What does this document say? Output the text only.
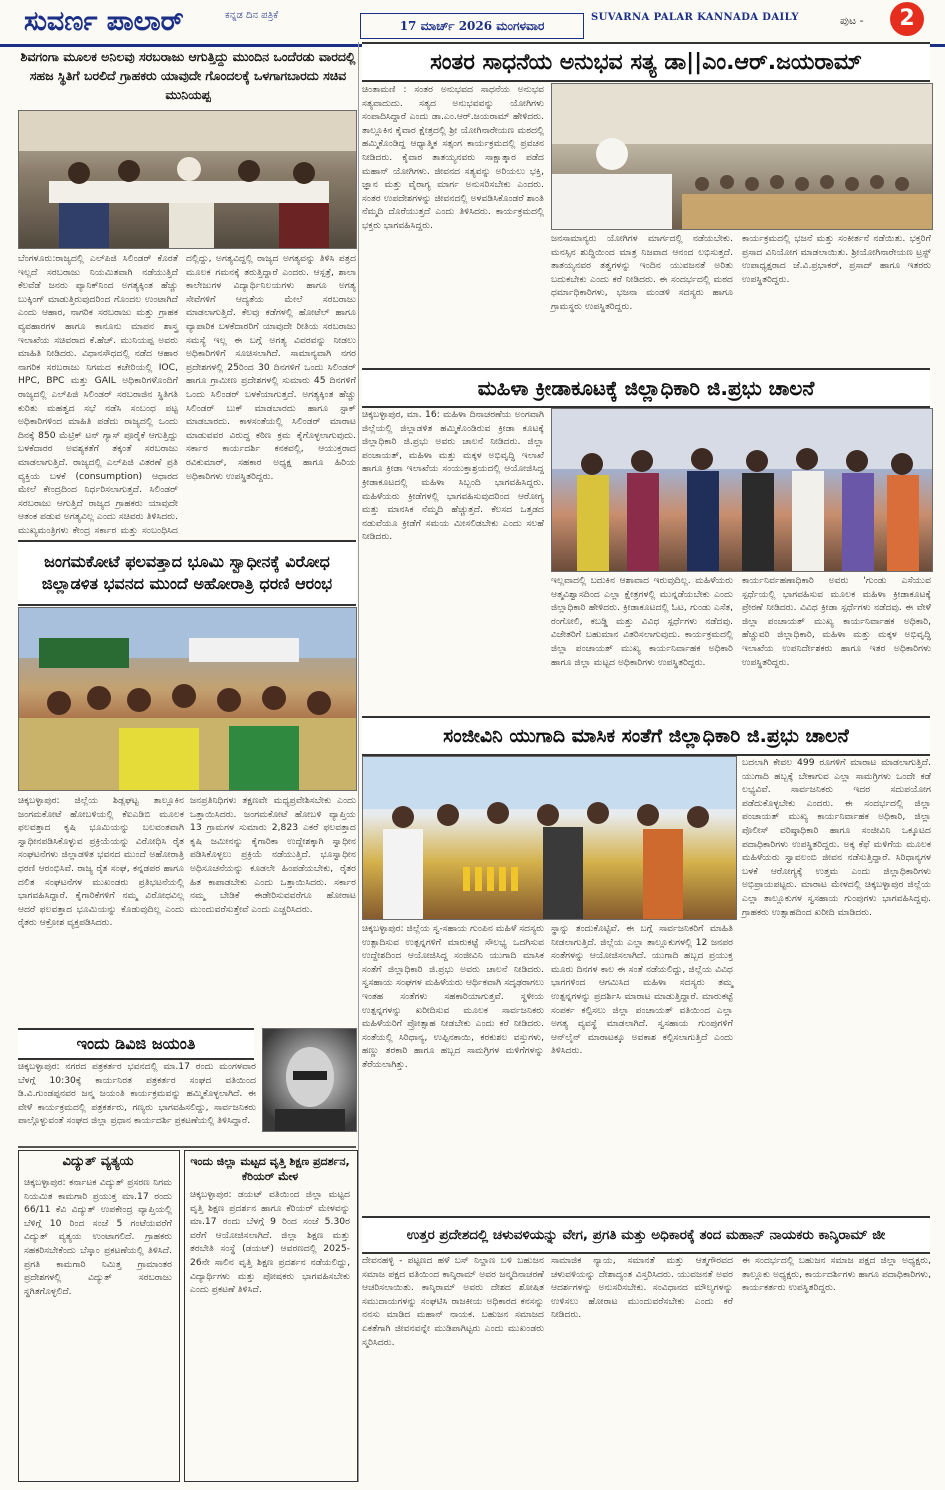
ಸುವರ್ಣ ಪಾಲಾರ್	ಕನ್ನಡ ದಿನ ಪತ್ರಿಕೆ
17 ಮಾರ್ಚ್ 2026 ಮಂಗಳವಾರ
SUVARNA PALAR KANNADA DAILY	ಪುಟ -	2
ಶಿವಗಂಗಾ ಮೂಲಕ ಅನಿಲವು ಸರಬರಾಜು ಆಗುತ್ತಿದ್ದು ಮುಂದಿನ ಒಂದೆರಡು ವಾರದಲ್ಲಿ ಸಹಜ ಸ್ಥಿತಿಗೆ ಬರಲಿದೆ ಗ್ರಾಹಕರು ಯಾವುದೇ ಗೊಂದಲಕ್ಕೆ ಒಳಗಾಗಬಾರದು ಸಚಿವ ಮುನಿಯಪ್ಪ
ಬೆಂಗಳೂರು:ರಾಜ್ಯದಲ್ಲಿ ಎಲ್‌ಪಿಜಿ ಸಿಲಿಂಡರ್ ಕೊರತೆ ಇಲ್ಲದೆ ಸರಬರಾಜು ನಿಯಮಿತವಾಗಿ ನಡೆಯುತ್ತಿದೆ ಕೆಲವೆಡೆ ಜನರು ಪ್ಯಾನಿಕ್‌ನಿಂದ ಅಗತ್ಯಕ್ಕಿಂತ ಹೆಚ್ಚು ಬುಕ್ಕಿಂಗ್ ಮಾಡುತ್ತಿರುವುದರಿಂದ ಗೊಂದಲ ಉಂಟಾಗಿದೆ ಎಂದು ಆಹಾರ, ನಾಗರಿಕ ಸರಬರಾಜು ಮತ್ತು ಗ್ರಾಹಕ ವ್ಯವಹಾರಗಳ ಹಾಗೂ ಕಾನೂನು ಮಾಪನ ಶಾಸ್ತ್ರ ಇಲಾಖೆಯ ಸಚಿವರಾದ ಕೆ.ಹೆಚ್. ಮುನಿಯಪ್ಪ ಅವರು ಮಾಹಿತಿ ನೀಡಿದರು. ವಿಧಾನಸೌಧದಲ್ಲಿ ನಡೆದ ಆಹಾರ ನಾಗರಿಕ ಸರಬರಾಜು ನಿಗಮದ ಕಚೇರಿಯಲ್ಲಿ IOC, HPC, BPC ಮತ್ತು GAIL ಅಧಿಕಾರಿಗಳೊಂದಿಗೆ ರಾಜ್ಯದಲ್ಲಿ ಎಲ್‌ಪಿಜಿ ಸಿಲಿಂಡರ್ ಸರಬರಾಜಿನ ಸ್ಥಿತಿಗತಿ ಕುರಿತು ಮಹತ್ವದ ಸಭೆ ನಡೆಸಿ ಸಂಬಂಧ ಪಟ್ಟ ಅಧಿಕಾರಿಗಳಿಂದ ಮಾಹಿತಿ ಪಡೆದು ರಾಜ್ಯದಲ್ಲಿ ಒಂದು ದಿನಕ್ಕೆ 850 ಮೆಟ್ರಿಕ್ ಟನ್ ಗ್ಯಾಸ್ ಪೂರೈಕೆ ಆಗುತ್ತಿದ್ದು ಬಳಕೆದಾರರ ಅವಶ್ಯಕತೆಗೆ ತಕ್ಕಂತೆ ಸರಬರಾಜು ಮಾಡಲಾಗುತ್ತಿದೆ. ರಾಜ್ಯದಲ್ಲಿ ಎಲ್‌ಪಿಜಿ ವಿತರಣೆ ಪ್ರತಿ ವ್ಯಕ್ತಿಯ ಬಳಕೆ (consumption) ಆಧಾರದ ಮೇಲೆ ಕೇಂದ್ರದಿಂದ ನಿರ್ಧರಿಸಲಾಗುತ್ತದೆ. ಸಿಲಿಂಡರ್ ಸರಬರಾಜು ಆಗುತ್ತಿದೆ ರಾಜ್ಯದ ಗ್ರಾಹಕರು ಯಾವುದೇ ಆತಂಕ ಪಡುವ ಅಗತ್ಯವಿಲ್ಲ ಎಂದು ಸಚಿವರು ತಿಳಿಸಿದರು. ಮುಖ್ಯಮಂತ್ರಿಗಳು ಕೇಂದ್ರ ಸರ್ಕಾರ ಮತ್ತು ಸಂಬಂಧಿಸಿದ
ದಲ್ಲಿದ್ದು, ಅಗತ್ಯವಿದ್ದಲ್ಲಿ ರಾಜ್ಯದ ಅಗತ್ಯವನ್ನು ತಿಳಿಸಿ ಪತ್ರದ ಮೂಲಕ ಗಮನಕ್ಕೆ ತರುತ್ತಿದ್ದಾರೆ ಎಂದರು. ಆಸ್ಪತ್ರೆ, ಶಾಲಾ ಕಾಲೇಜುಗಳ ವಿದ್ಯಾರ್ಥಿನಿಲಯಗಳು ಹಾಗೂ ಅಗತ್ಯ ಸೇವೆಗಳಿಗೆ ಆದ್ಯತೆಯ ಮೇಲೆ ಸರಬರಾಜು ಮಾಡಲಾಗುತ್ತಿದೆ. ಕೆಲವು ಕಡೆಗಳಲ್ಲಿ ಹೋಟೆಲ್ ಹಾಗೂ ವ್ಯಾಪಾರಿಕ ಬಳಕೆದಾರರಿಗೆ ಯಾವುದೇ ರೀತಿಯ ಸರಬರಾಜು ಸಮಸ್ಯೆ ಇಲ್ಲ ಈ ಬಗ್ಗೆ ಅಗತ್ಯ ವಿವರವನ್ನು ನೀಡಲು ಅಧಿಕಾರಿಗಳಿಗೆ ಸೂಚಿಸಲಾಗಿದೆ. ಸಾಮಾನ್ಯವಾಗಿ ನಗರ ಪ್ರದೇಶಗಳಲ್ಲಿ 25ರಿಂದ 30 ದಿನಗಳಿಗೆ ಒಂದು ಸಿಲಿಂಡರ್ ಹಾಗೂ ಗ್ರಾಮೀಣ ಪ್ರದೇಶಗಳಲ್ಲಿ ಸುಮಾರು 45 ದಿನಗಳಿಗೆ ಒಂದು ಸಿಲಿಂಡರ್ ಬಳಕೆಯಾಗುತ್ತದೆ. ಅಗತ್ಯಕ್ಕಿಂತ ಹೆಚ್ಚು ಸಿಲಿಂಡರ್ ಬುಕ್ ಮಾಡಬಾರದು ಹಾಗೂ ಸ್ಟಾಕ್ ಮಾಡಬಾರದು. ಕಾಳಸಂತೆಯಲ್ಲಿ ಸಿಲಿಂಡರ್ ಮಾರಾಟ ಮಾಡುವವರ ವಿರುದ್ಧ ಕಠಿಣ ಕ್ರಮ ಕೈಗೊಳ್ಳಲಾಗುವುದು. ಸರ್ಕಾರ ಕಾರ್ಯದರ್ಶಿ ಕನಕವಲ್ಲಿ, ಆಯುಕ್ತರಾದ ರವಿಕುಮಾರ್, ಸಹಕಾರ ಅಧ್ಯಕ್ಷ ಹಾಗೂ ಹಿರಿಯ ಅಧಿಕಾರಿಗಳು ಉಪಸ್ಥಿತರಿದ್ದರು.
ಜಂಗಮಕೋಟೆ ಫಲವತ್ತಾದ ಭೂಮಿ ಸ್ವಾಧೀನಕ್ಕೆ ವಿರೋಧ ಜಿಲ್ಲಾಡಳಿತ ಭವನದ ಮುಂದೆ ಅಹೋರಾತ್ರಿ ಧರಣಿ ಆರಂಭ
ಚಿಕ್ಕಬಳ್ಳಾಪುರ: ಜಿಲ್ಲೆಯ ಶಿಡ್ಲಘಟ್ಟ ತಾಲ್ಲೂಕಿನ ಜಂಗಮಕೋಟೆ ಹೋಬಳಿಯಲ್ಲಿ ಕೆಐಎಡಿಬಿ ಮೂಲಕ ಫಲವತ್ತಾದ ಕೃಷಿ ಭೂಮಿಯನ್ನು ಬಲವಂತವಾಗಿ ಸ್ವಾಧೀನಪಡಿಸಿಕೊಳ್ಳುವ ಪ್ರಕ್ರಿಯೆಯನ್ನು ವಿರೋಧಿಸಿ ರೈತ ಸಂಘಟನೆಗಳು ಜಿಲ್ಲಾಡಳಿತ ಭವನದ ಮುಂದೆ ಅಹೋರಾತ್ರಿ ಧರಣಿ ಆರಂಭಿಸಿವೆ. ರಾಜ್ಯ ರೈತ ಸಂಘ, ಕನ್ನಡಪರ ಹಾಗೂ ದಲಿತ ಸಂಘಟನೆಗಳ ಮುಖಂಡರು ಪ್ರತಿಭಟನೆಯಲ್ಲಿ ಭಾಗವಹಿಸಿದ್ದಾರೆ. ಕೈಗಾರಿಕೆಗಳಿಗೆ ನಮ್ಮ ವಿರೋಧವಿಲ್ಲ ಆದರೆ ಫಲವತ್ತಾದ ಭೂಮಿಯನ್ನು ಕೊಡುವುದಿಲ್ಲ ಎಂದು ರೈತರು ಆಕ್ರೋಶ ವ್ಯಕ್ತಪಡಿಸಿದರು.
ಜನಪ್ರತಿನಿಧಿಗಳು ತಕ್ಷಣವೇ ಮಧ್ಯಪ್ರವೇಶಿಸಬೇಕು ಎಂದು ಒತ್ತಾಯಿಸಿದರು. ಜಂಗಮಕೋಟೆ ಹೋಬಳಿ ವ್ಯಾಪ್ತಿಯ 13 ಗ್ರಾಮಗಳ ಸುಮಾರು 2,823 ಎಕರೆ ಫಲವತ್ತಾದ ಕೃಷಿ ಜಮೀನನ್ನು ಕೈಗಾರಿಕಾ ಉದ್ದೇಶಕ್ಕಾಗಿ ಸ್ವಾಧೀನ ಪಡಿಸಿಕೊಳ್ಳಲು ಪ್ರಕ್ರಿಯೆ ನಡೆಯುತ್ತಿದೆ. ಭೂಸ್ವಾಧೀನ ಅಧಿಸೂಚನೆಯನ್ನು ಕೂಡಲೇ ಹಿಂಪಡೆಯಬೇಕು, ರೈತರ ಹಿತ ಕಾಪಾಡಬೇಕು ಎಂದು ಒತ್ತಾಯಿಸಿದರು. ಸರ್ಕಾರ ನಮ್ಮ ಬೇಡಿಕೆ ಈಡೇರಿಸುವವರೆಗೂ ಹೋರಾಟ ಮುಂದುವರೆಸುತ್ತೇವೆ ಎಂದು ಎಚ್ಚರಿಸಿದರು.
ಇಂದು ಡಿವಿಜಿ ಜಯಂತಿ
ಚಿಕ್ಕಬಳ್ಳಾಪುರ: ನಗರದ ಪತ್ರಕರ್ತರ ಭವನದಲ್ಲಿ ಮಾ.17 ರಂದು ಮಂಗಳವಾರ ಬೆಳಗ್ಗೆ 10:30ಕ್ಕೆ ಕಾರ್ಯನಿರತ ಪತ್ರಕರ್ತರ ಸಂಘದ ವತಿಯಿಂದ ಡಿ.ವಿ.ಗುಂಡಪ್ಪನವರ ಜನ್ಮ ಜಯಂತಿ ಕಾರ್ಯಕ್ರಮವನ್ನು ಹಮ್ಮಿಕೊಳ್ಳಲಾಗಿದೆ. ಈ ವೇಳೆ ಕಾರ್ಯಕ್ರಮದಲ್ಲಿ ಪತ್ರಕರ್ತರು, ಗಣ್ಯರು ಭಾಗವಹಿಸಲಿದ್ದು, ಸಾರ್ವಜನಿಕರು ಪಾಲ್ಗೊಳ್ಳುವಂತೆ ಸಂಘದ ಜಿಲ್ಲಾ ಪ್ರಧಾನ ಕಾರ್ಯದರ್ಶಿ ಪ್ರಕಟಣೆಯಲ್ಲಿ ತಿಳಿಸಿದ್ದಾರೆ.
ವಿದ್ಯುತ್ ವ್ಯತ್ಯಯ
ಚಿಕ್ಕಬಳ್ಳಾಪುರ: ಕರ್ನಾಟಕ ವಿದ್ಯುತ್ ಪ್ರಸರಣ ನಿಗಮ ನಿಯಮಿತ ಕಾಮಗಾರಿ ಪ್ರಯುಕ್ತ ಮಾ.17 ರಂದು 66/11 ಕೆವಿ ವಿದ್ಯುತ್ ಉಪಕೇಂದ್ರ ವ್ಯಾಪ್ತಿಯಲ್ಲಿ ಬೆಳಿಗ್ಗೆ 10 ರಿಂದ ಸಂಜೆ 5 ಗಂಟೆಯವರೆಗೆ ವಿದ್ಯುತ್ ವ್ಯತ್ಯಯ ಉಂಟಾಗಲಿದೆ. ಗ್ರಾಹಕರು ಸಹಕರಿಸಬೇಕೆಂದು ಬೆಸ್ಕಾಂ ಪ್ರಕಟಣೆಯಲ್ಲಿ ತಿಳಿಸಿದೆ. ಪ್ರಗತಿ ಕಾಮಗಾರಿ ನಿಮಿತ್ತ ಗ್ರಾಮಾಂತರ ಪ್ರದೇಶಗಳಲ್ಲಿ ವಿದ್ಯುತ್ ಸರಬರಾಜು ಸ್ಥಗಿತಗೊಳ್ಳಲಿದೆ.
ಇಂದು ಜಿಲ್ಲಾ ಮಟ್ಟದ ವೃತ್ತಿ ಶಿಕ್ಷಣ ಪ್ರದರ್ಶನ, ಕೆರಿಯರ್ ಮೇಳ
ಚಿಕ್ಕಬಳ್ಳಾಪುರ: ಡಯಟ್ ವತಿಯಿಂದ ಜಿಲ್ಲಾ ಮಟ್ಟದ ವೃತ್ತಿ ಶಿಕ್ಷಣ ಪ್ರದರ್ಶನ ಹಾಗೂ ಕೆರಿಯರ್ ಮೇಳವನ್ನು ಮಾ.17 ರಂದು ಬೆಳಗ್ಗೆ 9 ರಿಂದ ಸಂಜೆ 5.30ರ ವರೆಗೆ ಆಯೋಜಿಸಲಾಗಿದೆ. ಜಿಲ್ಲಾ ಶಿಕ್ಷಣ ಮತ್ತು ತರಬೇತಿ ಸಂಸ್ಥೆ (ಡಯಟ್) ಆವರಣದಲ್ಲಿ 2025-26ನೇ ಸಾಲಿನ ವೃತ್ತಿ ಶಿಕ್ಷಣ ಪ್ರದರ್ಶನ ನಡೆಯಲಿದ್ದು, ವಿದ್ಯಾರ್ಥಿಗಳು ಮತ್ತು ಪೋಷಕರು ಭಾಗವಹಿಸಬೇಕು ಎಂದು ಪ್ರಕಟಣೆ ತಿಳಿಸಿದೆ.
ಸಂತರ ಸಾಧನೆಯ ಅನುಭವ ಸತ್ಯ ಡಾ||ಎಂ.ಆರ್.ಜಯರಾಮ್
ಚಿಂತಾಮಣಿ : ಸಂತರ ಅನುಭವದ ಸಾಧನೆಯ ಅನುಭವ ಸತ್ಯವಾದುದು. ಸತ್ಯದ ಅನುಭವವನ್ನು ಯೋಗಿಗಳು ಸಂಪಾದಿಸಿದ್ದಾರೆ ಎಂದು ಡಾ.ಎಂ.ಆರ್.ಜಯರಾಮ್ ಹೇಳಿದರು. ತಾಲ್ಲೂಕಿನ ಕೈವಾರ ಕ್ಷೇತ್ರದಲ್ಲಿ ಶ್ರೀ ಯೋಗಿನಾರೇಯಣ ಮಠದಲ್ಲಿ ಹಮ್ಮಿಕೊಂಡಿದ್ದ ಆಧ್ಯಾತ್ಮಿಕ ಸತ್ಸಂಗ ಕಾರ್ಯಕ್ರಮದಲ್ಲಿ ಪ್ರವಚನ ನೀಡಿದರು. ಕೈವಾರ ತಾತಯ್ಯನವರು ಸಾಕ್ಷಾತ್ಕಾರ ಪಡೆದ ಮಹಾನ್ ಯೋಗಿಗಳು. ಜೀವನದ ಸತ್ಯವನ್ನು ಅರಿಯಲು ಭಕ್ತಿ, ಜ್ಞಾನ ಮತ್ತು ವೈರಾಗ್ಯ ಮಾರ್ಗ ಅನುಸರಿಸಬೇಕು ಎಂದರು. ಸಂತರ ಉಪದೇಶಗಳನ್ನು ಜೀವನದಲ್ಲಿ ಅಳವಡಿಸಿಕೊಂಡರೆ ಶಾಂತಿ ನೆಮ್ಮದಿ ದೊರೆಯುತ್ತದೆ ಎಂದು ತಿಳಿಸಿದರು. ಕಾರ್ಯಕ್ರಮದಲ್ಲಿ ಭಕ್ತರು ಭಾಗವಹಿಸಿದ್ದರು.
ಜನಸಾಮಾನ್ಯರು ಯೋಗಿಗಳ ಮಾರ್ಗದಲ್ಲಿ ನಡೆಯಬೇಕು. ಮನಸ್ಸಿನ ಶುದ್ಧಿಯಿಂದ ಮಾತ್ರ ನಿಜವಾದ ಆನಂದ ಲಭಿಸುತ್ತದೆ. ತಾತಯ್ಯನವರ ತತ್ವಗಳನ್ನು ಇಂದಿನ ಯುವಜನತೆ ಅರಿತು ಬದುಕಬೇಕು ಎಂದು ಕರೆ ನೀಡಿದರು. ಈ ಸಂದರ್ಭದಲ್ಲಿ ಮಠದ ಧರ್ಮಾಧಿಕಾರಿಗಳು, ಭಜನಾ ಮಂಡಳಿ ಸದಸ್ಯರು ಹಾಗೂ ಗ್ರಾಮಸ್ಥರು ಉಪಸ್ಥಿತರಿದ್ದರು.
ಕಾರ್ಯಕ್ರಮದಲ್ಲಿ ಭಜನೆ ಮತ್ತು ಸಂಕೀರ್ತನೆ ನಡೆಯಿತು. ಭಕ್ತರಿಗೆ ಪ್ರಸಾದ ವಿನಿಯೋಗ ಮಾಡಲಾಯಿತು. ಶ್ರೀಯೋಗಿನಾರೇಯಣ ಟ್ರಸ್ಟ್ ಉಪಾಧ್ಯಕ್ಷರಾದ ಜೆ.ವಿ.ಪ್ರಭಾಕರ್, ಪ್ರಸಾದ್ ಹಾಗೂ ಇತರರು ಉಪಸ್ಥಿತರಿದ್ದರು.
ಮಹಿಳಾ ಕ್ರೀಡಾಕೂಟಕ್ಕೆ ಜಿಲ್ಲಾಧಿಕಾರಿ ಜಿ.ಪ್ರಭು ಚಾಲನೆ
ಚಿಕ್ಕಬಳ್ಳಾಪುರ, ಮಾ. 16: ಮಹಿಳಾ ದಿನಾಚರಣೆಯ ಅಂಗವಾಗಿ ಜಿಲ್ಲೆಯಲ್ಲಿ ಜಿಲ್ಲಾಡಳಿತ ಹಮ್ಮಿಕೊಂಡಿರುವ ಕ್ರೀಡಾ ಕೂಟಕ್ಕೆ ಜಿಲ್ಲಾಧಿಕಾರಿ ಜಿ.ಪ್ರಭು ಅವರು ಚಾಲನೆ ನೀಡಿದರು. ಜಿಲ್ಲಾ ಪಂಚಾಯತ್, ಮಹಿಳಾ ಮತ್ತು ಮಕ್ಕಳ ಅಭಿವೃದ್ಧಿ ಇಲಾಖೆ ಹಾಗೂ ಕ್ರೀಡಾ ಇಲಾಖೆಯ ಸಂಯುಕ್ತಾಶ್ರಯದಲ್ಲಿ ಆಯೋಜಿಸಿದ್ದ ಕ್ರೀಡಾಕೂಟದಲ್ಲಿ ಮಹಿಳಾ ಸಿಬ್ಬಂದಿ ಭಾಗವಹಿಸಿದ್ದರು. ಮಹಿಳೆಯರು ಕ್ರೀಡೆಗಳಲ್ಲಿ ಭಾಗವಹಿಸುವುದರಿಂದ ಆರೋಗ್ಯ ಮತ್ತು ಮಾನಸಿಕ ನೆಮ್ಮದಿ ಹೆಚ್ಚುತ್ತದೆ. ಕೆಲಸದ ಒತ್ತಡದ ನಡುವೆಯೂ ಕ್ರೀಡೆಗೆ ಸಮಯ ಮೀಸಲಿಡಬೇಕು ಎಂದು ಸಲಹೆ ನೀಡಿದರು.
ಇಲ್ಲವಾದಲ್ಲಿ ಬದುಕಿನ ಆಶಾವಾದ ಇರುವುದಿಲ್ಲ. ಮಹಿಳೆಯರು ಆತ್ಮವಿಶ್ವಾಸದಿಂದ ಎಲ್ಲಾ ಕ್ಷೇತ್ರಗಳಲ್ಲಿ ಮುನ್ನಡೆಯಬೇಕು ಎಂದು ಜಿಲ್ಲಾಧಿಕಾರಿ ಹೇಳಿದರು. ಕ್ರೀಡಾಕೂಟದಲ್ಲಿ ಓಟ, ಗುಂಡು ಎಸೆತ, ರಂಗೋಲಿ, ಕಬಡ್ಡಿ ಮತ್ತು ವಿವಿಧ ಸ್ಪರ್ಧೆಗಳು ನಡೆದವು. ವಿಜೇತರಿಗೆ ಬಹುಮಾನ ವಿತರಿಸಲಾಗುವುದು. ಕಾರ್ಯಕ್ರಮದಲ್ಲಿ ಜಿಲ್ಲಾ ಪಂಚಾಯತ್ ಮುಖ್ಯ ಕಾರ್ಯನಿರ್ವಾಹಕ ಅಧಿಕಾರಿ ಹಾಗೂ ಜಿಲ್ಲಾ ಮಟ್ಟದ ಅಧಿಕಾರಿಗಳು ಉಪಸ್ಥಿತರಿದ್ದರು.
ಕಾರ್ಯನಿರ್ವಹಣಾಧಿಕಾರಿ ಅವರು 'ಗುಂಡು ಎಸೆಯುವ ಸ್ಪರ್ಧೆಯಲ್ಲಿ ಭಾಗವಹಿಸುವ ಮೂಲಕ ಮಹಿಳಾ ಕ್ರೀಡಾಕೂಟಕ್ಕೆ ಪ್ರೇರಣೆ ನೀಡಿದರು. ವಿವಿಧ ಕ್ರೀಡಾ ಸ್ಪರ್ಧೆಗಳು ನಡೆದವು. ಈ ವೇಳೆ ಜಿಲ್ಲಾ ಪಂಚಾಯತ್ ಮುಖ್ಯ ಕಾರ್ಯನಿರ್ವಾಹಕ ಅಧಿಕಾರಿ, ಹೆಚ್ಚುವರಿ ಜಿಲ್ಲಾಧಿಕಾರಿ, ಮಹಿಳಾ ಮತ್ತು ಮಕ್ಕಳ ಅಭಿವೃದ್ಧಿ ಇಲಾಖೆಯ ಉಪನಿರ್ದೇಶಕರು ಹಾಗೂ ಇತರ ಅಧಿಕಾರಿಗಳು ಉಪಸ್ಥಿತರಿದ್ದರು.
ಸಂಜೀವಿನಿ ಯುಗಾದಿ ಮಾಸಿಕ ಸಂತೆಗೆ ಜಿಲ್ಲಾಧಿಕಾರಿ ಜಿ.ಪ್ರಭು ಚಾಲನೆ
ಬದಲಾಗಿ ಕೇವಲ 499 ರೂಗಳಿಗೆ ಮಾರಾಟ ಮಾಡಲಾಗುತ್ತಿದೆ. ಯುಗಾದಿ ಹಬ್ಬಕ್ಕೆ ಬೇಕಾಗುವ ಎಲ್ಲಾ ಸಾಮಗ್ರಿಗಳು ಒಂದೇ ಕಡೆ ಲಭ್ಯವಿವೆ. ಸಾರ್ವಜನಿಕರು ಇದರ ಸದುಪಯೋಗ ಪಡೆದುಕೊಳ್ಳಬೇಕು ಎಂದರು. ಈ ಸಂದರ್ಭದಲ್ಲಿ ಜಿಲ್ಲಾ ಪಂಚಾಯತ್ ಮುಖ್ಯ ಕಾರ್ಯನಿರ್ವಾಹಕ ಅಧಿಕಾರಿ, ಜಿಲ್ಲಾ ಪೊಲೀಸ್ ವರಿಷ್ಠಾಧಿಕಾರಿ ಹಾಗೂ ಸಂಜೀವಿನಿ ಒಕ್ಕೂಟದ ಪದಾಧಿಕಾರಿಗಳು ಉಪಸ್ಥಿತರಿದ್ದರು. ಅಕ್ಕ ಕೆಫೆ ಮಳಿಗೆಯ ಮೂಲಕ ಮಹಿಳೆಯರು ಸ್ವಾವಲಂಬಿ ಜೀವನ ನಡೆಸುತ್ತಿದ್ದಾರೆ. ಸಿರಿಧಾನ್ಯಗಳ ಬಳಕೆ ಆರೋಗ್ಯಕ್ಕೆ ಉತ್ತಮ ಎಂದು ಜಿಲ್ಲಾಧಿಕಾರಿಗಳು ಅಭಿಪ್ರಾಯಪಟ್ಟರು. ಮಾರಾಟ ಮೇಳದಲ್ಲಿ ಚಿಕ್ಕಬಳ್ಳಾಪುರ ಜಿಲ್ಲೆಯ ಎಲ್ಲಾ ತಾಲ್ಲೂಕುಗಳ ಸ್ವಸಹಾಯ ಗುಂಪುಗಳು ಭಾಗವಹಿಸಿದ್ದವು. ಗ್ರಾಹಕರು ಉತ್ಸಾಹದಿಂದ ಖರೀದಿ ಮಾಡಿದರು.
ಚಿಕ್ಕಬಳ್ಳಾಪುರ: ಜಿಲ್ಲೆಯ ಸ್ವ-ಸಹಾಯ ಗುಂಪಿನ ಮಹಿಳೆ ಸದಸ್ಯರು ಉತ್ಪಾದಿಸುವ ಉತ್ಪನ್ನಗಳಿಗೆ ಮಾರುಕಟ್ಟೆ ಸೌಲಭ್ಯ ಒದಗಿಸುವ ಉದ್ದೇಶದಿಂದ ಆಯೋಜಿಸಿದ್ದ ಸಂಜೀವಿನಿ ಯುಗಾದಿ ಮಾಸಿಕ ಸಂತೆಗೆ ಜಿಲ್ಲಾಧಿಕಾರಿ ಜಿ.ಪ್ರಭು ಅವರು ಚಾಲನೆ ನೀಡಿದರು. ಸ್ವಸಹಾಯ ಸಂಘಗಳ ಮಹಿಳೆಯರು ಆರ್ಥಿಕವಾಗಿ ಸದೃಢರಾಗಲು ಇಂತಹ ಸಂತೆಗಳು ಸಹಕಾರಿಯಾಗುತ್ತವೆ. ಸ್ಥಳೀಯ ಉತ್ಪನ್ನಗಳನ್ನು ಖರೀದಿಸುವ ಮೂಲಕ ಸಾರ್ವಜನಿಕರು ಮಹಿಳೆಯರಿಗೆ ಪ್ರೋತ್ಸಾಹ ನೀಡಬೇಕು ಎಂದು ಕರೆ ನೀಡಿದರು. ಸಂತೆಯಲ್ಲಿ ಸಿರಿಧಾನ್ಯ, ಉಪ್ಪಿನಕಾಯಿ, ಕರಕುಶಲ ವಸ್ತುಗಳು, ಹಣ್ಣು ತರಕಾರಿ ಹಾಗೂ ಹಬ್ಬದ ಸಾಮಗ್ರಿಗಳ ಮಳಿಗೆಗಳನ್ನು ತೆರೆಯಲಾಗಿತ್ತು.
ಸ್ಥಾನ್ನು ತಂದುಕೊಟ್ಟಿವೆ. ಈ ಬಗ್ಗೆ ಸಾರ್ವಜನಿಕರಿಗೆ ಮಾಹಿತಿ ನೀಡಲಾಗುತ್ತಿದೆ. ಜಿಲ್ಲೆಯ ಎಲ್ಲಾ ತಾಲ್ಲೂಕುಗಳಲ್ಲಿ 12 ಜನಪರ ಸಂತೆಗಳನ್ನು ಆಯೋಜಿಸಲಾಗಿದೆ. ಯುಗಾದಿ ಹಬ್ಬದ ಪ್ರಯುಕ್ತ ಮೂರು ದಿನಗಳ ಕಾಲ ಈ ಸಂತೆ ನಡೆಯಲಿದ್ದು, ಜಿಲ್ಲೆಯ ವಿವಿಧ ಭಾಗಗಳಿಂದ ಆಗಮಿಸಿದ ಮಹಿಳಾ ಸದಸ್ಯರು ತಮ್ಮ ಉತ್ಪನ್ನಗಳನ್ನು ಪ್ರದರ್ಶಿಸಿ ಮಾರಾಟ ಮಾಡುತ್ತಿದ್ದಾರೆ. ಮಾರುಕಟ್ಟೆ ಸಂಪರ್ಕ ಕಲ್ಪಿಸಲು ಜಿಲ್ಲಾ ಪಂಚಾಯತ್ ವತಿಯಿಂದ ಎಲ್ಲಾ ಅಗತ್ಯ ವ್ಯವಸ್ಥೆ ಮಾಡಲಾಗಿದೆ. ಸ್ವಸಹಾಯ ಗುಂಪುಗಳಿಗೆ ಆನ್‌ಲೈನ್ ಮಾರಾಟಕ್ಕೂ ಅವಕಾಶ ಕಲ್ಪಿಸಲಾಗುತ್ತಿದೆ ಎಂದು ತಿಳಿಸಿದರು.
ಉತ್ತರ ಪ್ರದೇಶದಲ್ಲಿ ಚಳುವಳಿಯನ್ನು ವೇಗ, ಪ್ರಗತಿ ಮತ್ತು ಅಧಿಕಾರಕ್ಕೆ ತಂದ ಮಹಾನ್ ನಾಯಕರು ಕಾನ್ಶಿರಾಮ್ ಜೀ
ದೇವನಹಳ್ಳಿ - ಪಟ್ಟಣದ ಹಳೆ ಬಸ್ ನಿಲ್ದಾಣ ಬಳಿ ಬಹುಜನ ಸಮಾಜ ಪಕ್ಷದ ವತಿಯಿಂದ ಕಾನ್ಶಿರಾಮ್ ಅವರ ಜನ್ಮದಿನಾಚರಣೆ ಆಚರಿಸಲಾಯಿತು. ಕಾನ್ಶಿರಾಮ್ ಅವರು ದೇಶದ ಶೋಷಿತ ಸಮುದಾಯಗಳನ್ನು ಸಂಘಟಿಸಿ ರಾಜಕೀಯ ಅಧಿಕಾರದ ಕನಸನ್ನು ನನಸು ಮಾಡಿದ ಮಹಾನ್ ನಾಯಕ. ಬಹುಜನ ಸಮಾಜದ ಏಕತೆಗಾಗಿ ಜೀವನವನ್ನೇ ಮುಡಿಪಾಗಿಟ್ಟರು ಎಂದು ಮುಖಂಡರು ಸ್ಮರಿಸಿದರು.
ಸಾಮಾಜಿಕ ನ್ಯಾಯ, ಸಮಾನತೆ ಮತ್ತು ಆತ್ಮಗೌರವದ ಚಳುವಳಿಯನ್ನು ದೇಶಾದ್ಯಂತ ವಿಸ್ತರಿಸಿದರು. ಯುವಜನತೆ ಅವರ ಆದರ್ಶಗಳನ್ನು ಅನುಸರಿಸಬೇಕು. ಸಂವಿಧಾನದ ಮೌಲ್ಯಗಳನ್ನು ಉಳಿಸಲು ಹೋರಾಟ ಮುಂದುವರೆಸಬೇಕು ಎಂದು ಕರೆ ನೀಡಿದರು.
ಈ ಸಂದರ್ಭದಲ್ಲಿ ಬಹುಜನ ಸಮಾಜ ಪಕ್ಷದ ಜಿಲ್ಲಾ ಅಧ್ಯಕ್ಷರು, ತಾಲ್ಲೂಕು ಅಧ್ಯಕ್ಷರು, ಕಾರ್ಯದರ್ಶಿಗಳು ಹಾಗೂ ಪದಾಧಿಕಾರಿಗಳು, ಕಾರ್ಯಕರ್ತರು ಉಪಸ್ಥಿತರಿದ್ದರು.
